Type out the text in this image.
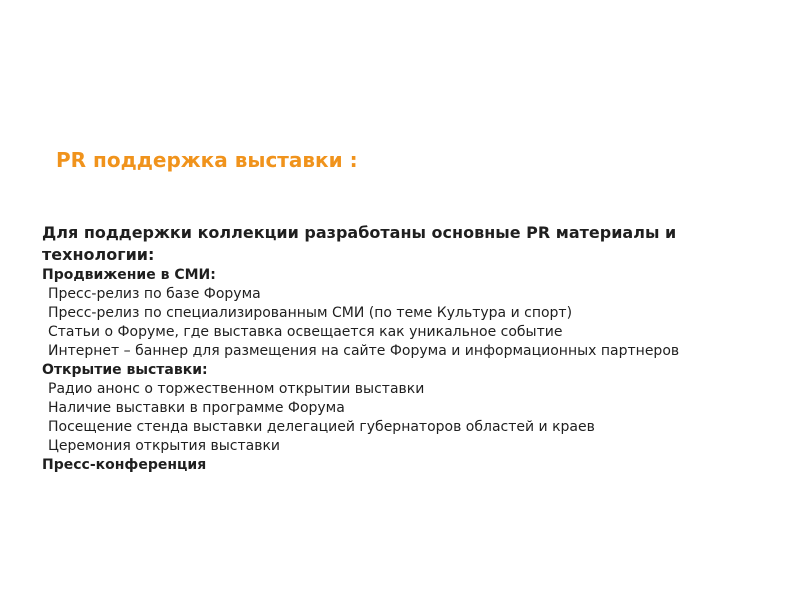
PR поддержка выставки :

Для поддержки коллекции разработаны основные PR материалы и технологии:

Продвижение в СМИ:

Пресс-релиз по базе Форума

Пресс-релиз по специализированным СМИ (по теме Культура и спорт)

Статьи о Форуме, где выставка освещается как уникальное событие

Интернет – баннер для размещения на сайте Форума и информационных партнеров

Открытие выставки:

Радио анонс о торжественном открытии выставки

Наличие выставки в программе Форума

Посещение стенда выставки делегацией губернаторов областей и краев

Церемония открытия выставки

Пресс-конференция
